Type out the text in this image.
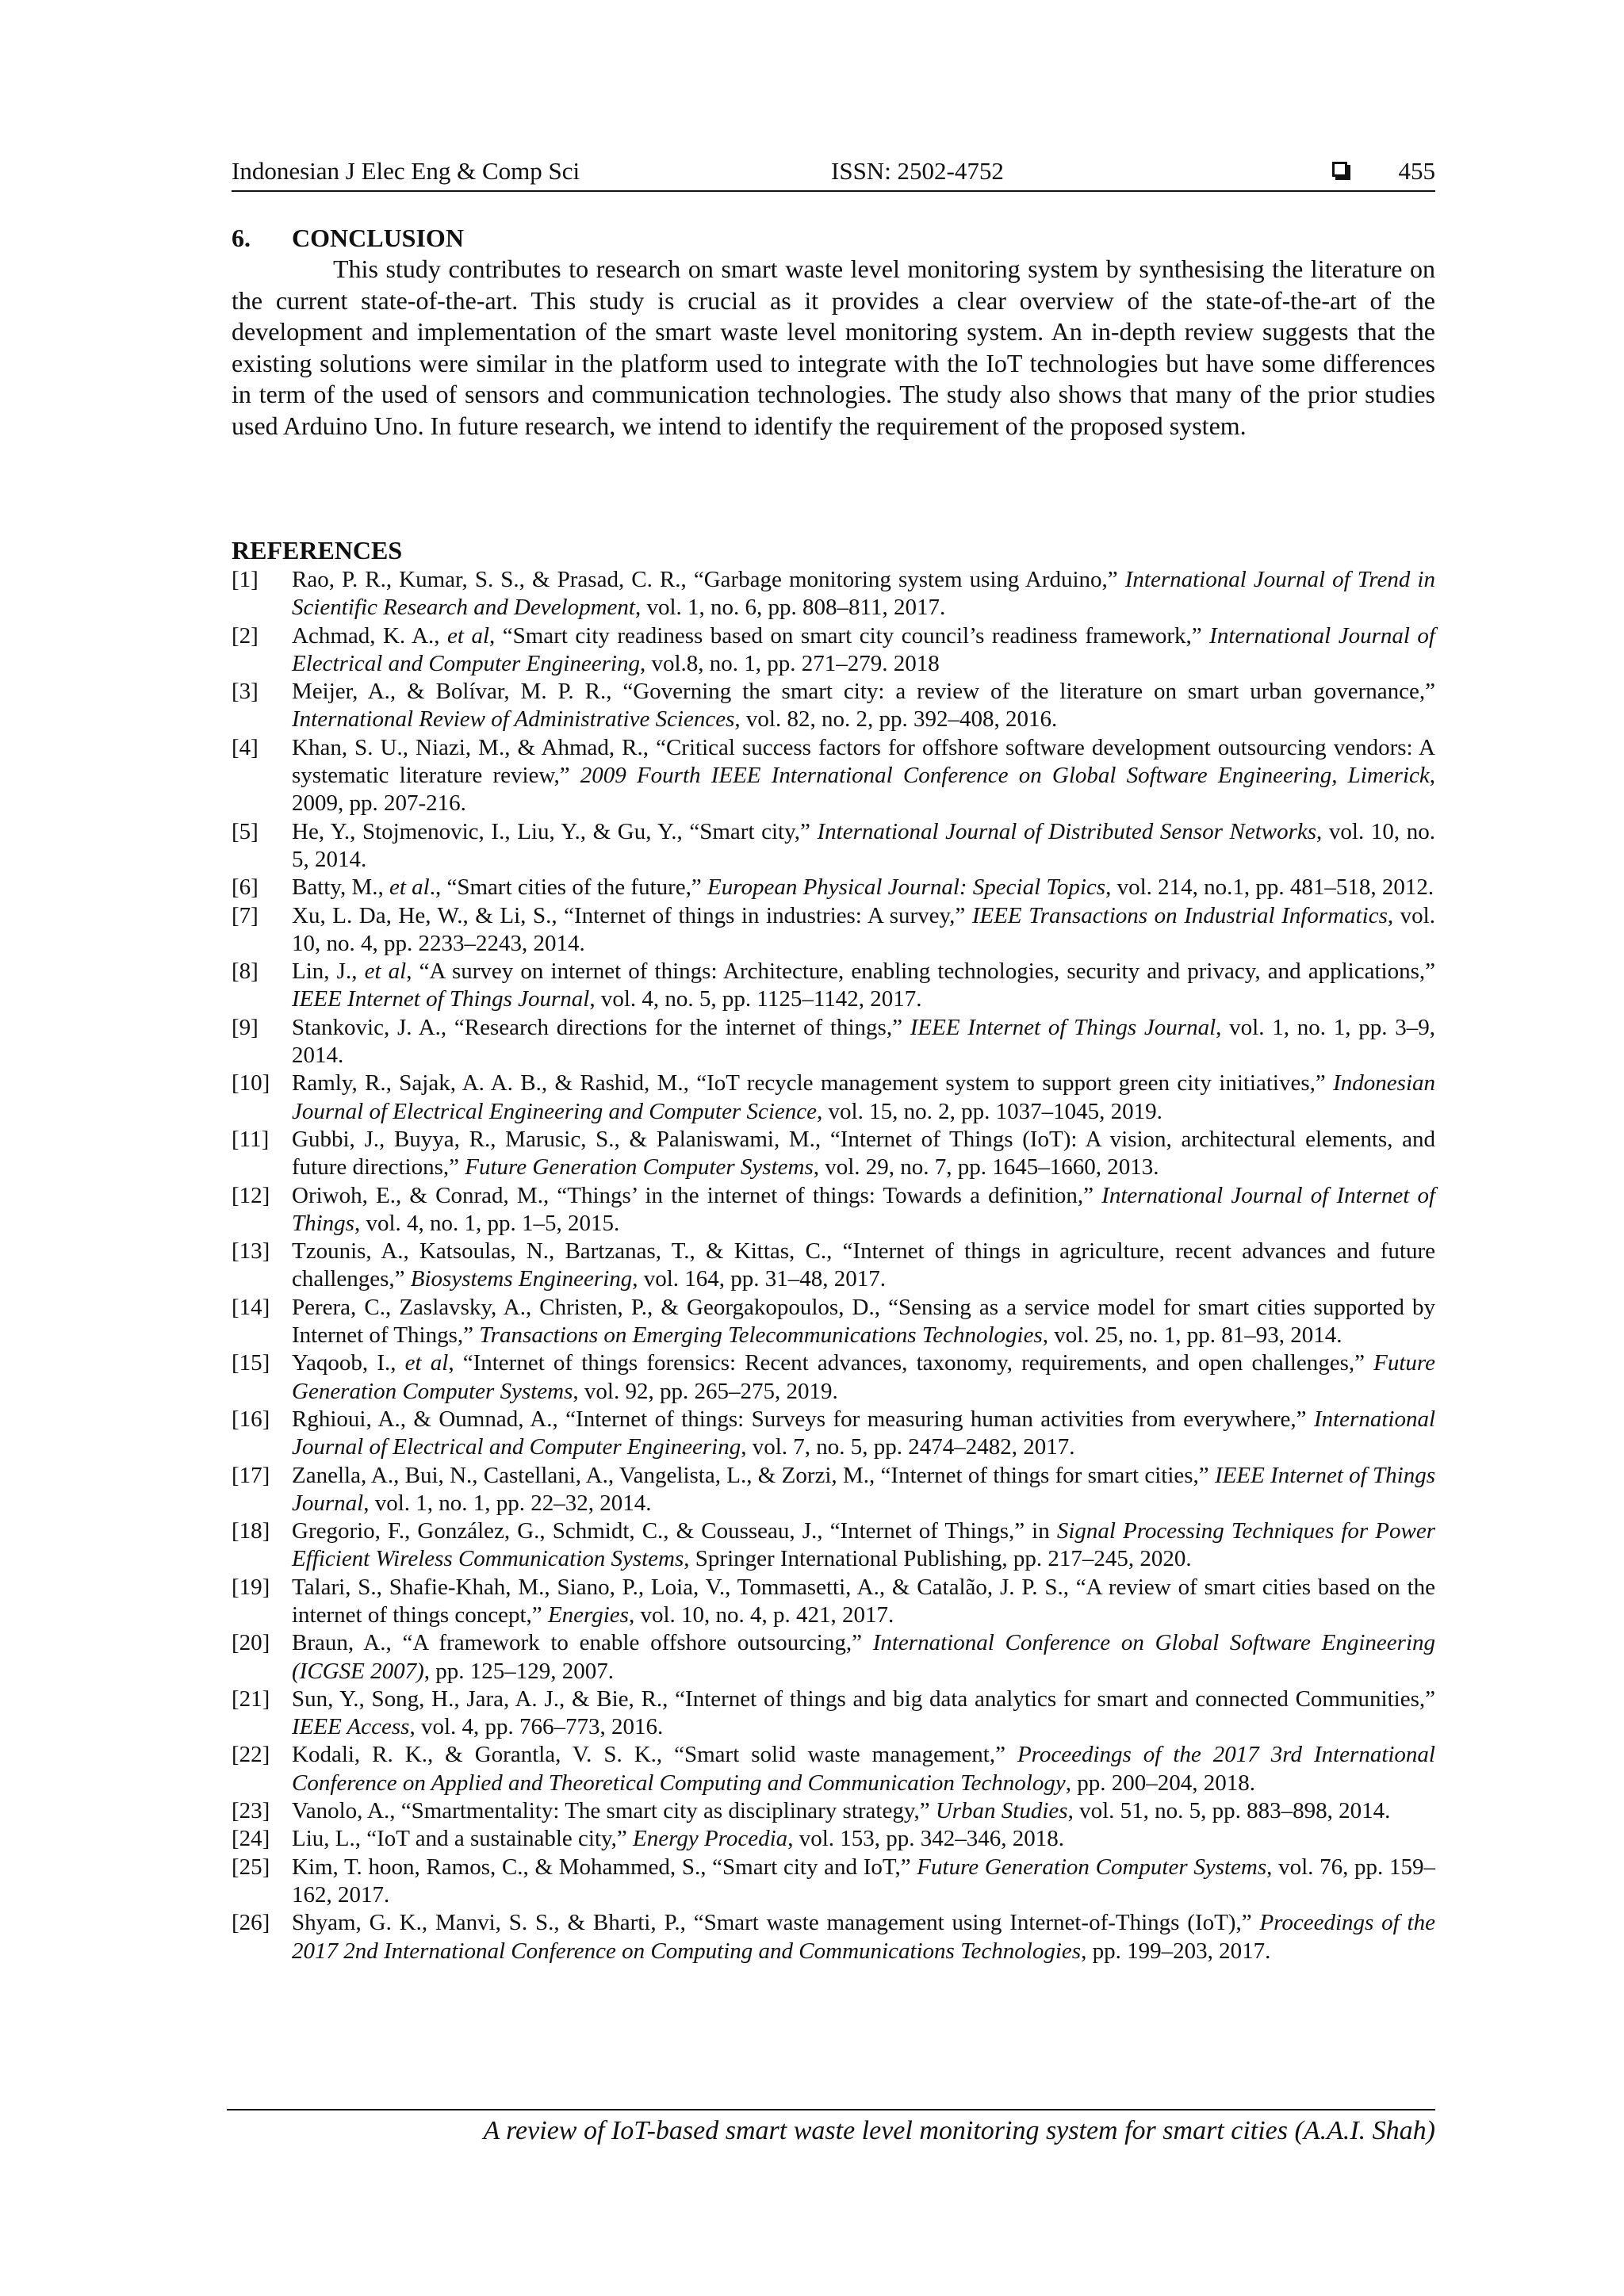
Indonesian J Elec Eng & Comp Sci	ISSN: 2502-4752	455
6. CONCLUSION

This study contributes to research on smart waste level monitoring system by synthesising the literature on the current state-of-the-art. This study is crucial as it provides a clear overview of the state-of-the-art of the development and implementation of the smart waste level monitoring system. An in-depth review suggests that the existing solutions were similar in the platform used to integrate with the IoT technologies but have some differences in term of the used of sensors and communication technologies. The study also shows that many of the prior studies used Arduino Uno. In future research, we intend to identify the requirement of the proposed system.

REFERENCES
[1] Rao, P. R., Kumar, S. S., & Prasad, C. R., “Garbage monitoring system using Arduino,” International Journal of Trend in Scientific Research and Development, vol. 1, no. 6, pp. 808–811, 2017.
[2] Achmad, K. A., et al, “Smart city readiness based on smart city council’s readiness framework,” International Journal of Electrical and Computer Engineering, vol.8, no. 1, pp. 271–279. 2018
[3] Meijer, A., & Bolívar, M. P. R., “Governing the smart city: a review of the literature on smart urban governance,” International Review of Administrative Sciences, vol. 82, no. 2, pp. 392–408, 2016.
[4] Khan, S. U., Niazi, M., & Ahmad, R., “Critical success factors for offshore software development outsourcing vendors: A systematic literature review,” 2009 Fourth IEEE International Conference on Global Software Engineering, Limerick, 2009, pp. 207-216.
[5] He, Y., Stojmenovic, I., Liu, Y., & Gu, Y., “Smart city,” International Journal of Distributed Sensor Networks, vol. 10, no. 5, 2014.
[6] Batty, M., et al., “Smart cities of the future,” European Physical Journal: Special Topics, vol. 214, no.1, pp. 481–518, 2012.
[7] Xu, L. Da, He, W., & Li, S., “Internet of things in industries: A survey,” IEEE Transactions on Industrial Informatics, vol. 10, no. 4, pp. 2233–2243, 2014.
[8] Lin, J., et al, “A survey on internet of things: Architecture, enabling technologies, security and privacy, and applications,” IEEE Internet of Things Journal, vol. 4, no. 5, pp. 1125–1142, 2017.
[9] Stankovic, J. A., “Research directions for the internet of things,” IEEE Internet of Things Journal, vol. 1, no. 1, pp. 3–9, 2014.
[10] Ramly, R., Sajak, A. A. B., & Rashid, M., “IoT recycle management system to support green city initiatives,” Indonesian Journal of Electrical Engineering and Computer Science, vol. 15, no. 2, pp. 1037–1045, 2019.
[11] Gubbi, J., Buyya, R., Marusic, S., & Palaniswami, M., “Internet of Things (IoT): A vision, architectural elements, and future directions,” Future Generation Computer Systems, vol. 29, no. 7, pp. 1645–1660, 2013.
[12] Oriwoh, E., & Conrad, M., “Things’ in the internet of things: Towards a definition,” International Journal of Internet of Things, vol. 4, no. 1, pp. 1–5, 2015.
[13] Tzounis, A., Katsoulas, N., Bartzanas, T., & Kittas, C., “Internet of things in agriculture, recent advances and future challenges,” Biosystems Engineering, vol. 164, pp. 31–48, 2017.
[14] Perera, C., Zaslavsky, A., Christen, P., & Georgakopoulos, D., “Sensing as a service model for smart cities supported by Internet of Things,” Transactions on Emerging Telecommunications Technologies, vol. 25, no. 1, pp. 81–93, 2014.
[15] Yaqoob, I., et al, “Internet of things forensics: Recent advances, taxonomy, requirements, and open challenges,” Future Generation Computer Systems, vol. 92, pp. 265–275, 2019.
[16] Rghioui, A., & Oumnad, A., “Internet of things: Surveys for measuring human activities from everywhere,” International Journal of Electrical and Computer Engineering, vol. 7, no. 5, pp. 2474–2482, 2017.
[17] Zanella, A., Bui, N., Castellani, A., Vangelista, L., & Zorzi, M., “Internet of things for smart cities,” IEEE Internet of Things Journal, vol. 1, no. 1, pp. 22–32, 2014.
[18] Gregorio, F., González, G., Schmidt, C., & Cousseau, J., “Internet of Things,” in Signal Processing Techniques for Power Efficient Wireless Communication Systems, Springer International Publishing, pp. 217–245, 2020.
[19] Talari, S., Shafie-Khah, M., Siano, P., Loia, V., Tommasetti, A., & Catalão, J. P. S., “A review of smart cities based on the internet of things concept,” Energies, vol. 10, no. 4, p. 421, 2017.
[20] Braun, A., “A framework to enable offshore outsourcing,” International Conference on Global Software Engineering (ICGSE 2007), pp. 125–129, 2007.
[21] Sun, Y., Song, H., Jara, A. J., & Bie, R., “Internet of things and big data analytics for smart and connected Communities,” IEEE Access, vol. 4, pp. 766–773, 2016.
[22] Kodali, R. K., & Gorantla, V. S. K., “Smart solid waste management,” Proceedings of the 2017 3rd International Conference on Applied and Theoretical Computing and Communication Technology, pp. 200–204, 2018.
[23] Vanolo, A., “Smartmentality: The smart city as disciplinary strategy,” Urban Studies, vol. 51, no. 5, pp. 883–898, 2014.
[24] Liu, L., “IoT and a sustainable city,” Energy Procedia, vol. 153, pp. 342–346, 2018.
[25] Kim, T. hoon, Ramos, C., & Mohammed, S., “Smart city and IoT,” Future Generation Computer Systems, vol. 76, pp. 159–162, 2017.
[26] Shyam, G. K., Manvi, S. S., & Bharti, P., “Smart waste management using Internet-of-Things (IoT),” Proceedings of the 2017 2nd International Conference on Computing and Communications Technologies, pp. 199–203, 2017.
A review of IoT-based smart waste level monitoring system for smart cities (A.A.I. Shah)
